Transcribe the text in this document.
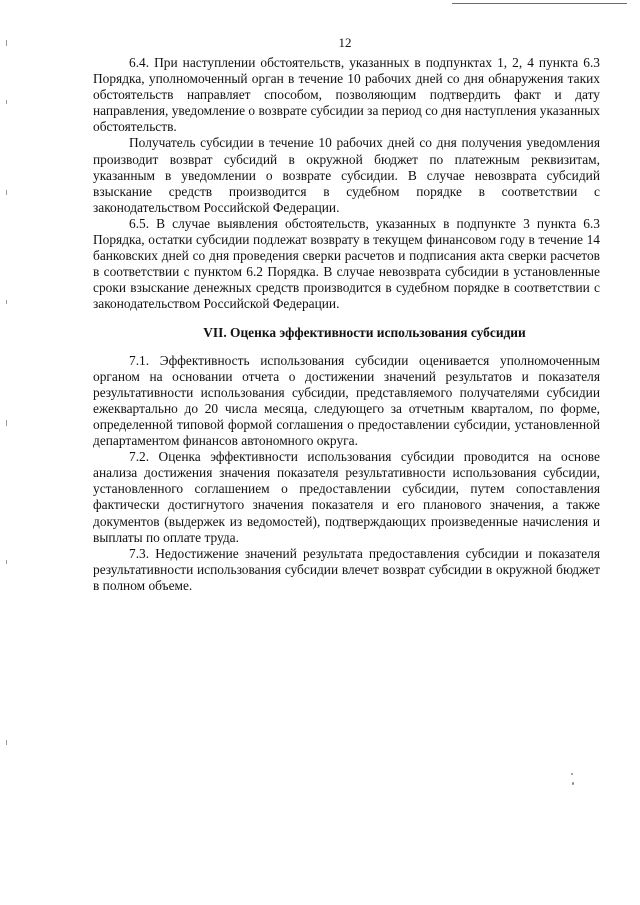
12

6.4. При наступлении обстоятельств, указанных в подпунктах 1, 2, 4 пункта 6.3 Порядка, уполномоченный орган в течение 10 рабочих дней со дня обнаружения таких обстоятельств направляет способом, позволяющим подтвердить факт и дату направления, уведомление о возврате субсидии за период со дня наступления указанных обстоятельств.

Получатель субсидии в течение 10 рабочих дней со дня получения уведомления производит возврат субсидий в окружной бюджет по платежным реквизитам, указанным в уведомлении о возврате субсидии. В случае невозврата субсидий взыскание средств производится в судебном порядке в соответствии с законодательством Российской Федерации.

6.5. В случае выявления обстоятельств, указанных в подпункте 3 пункта 6.3 Порядка, остатки субсидии подлежат возврату в текущем финансовом году в течение 14 банковских дней со дня проведения сверки расчетов и подписания акта сверки расчетов в соответствии с пунктом 6.2 Порядка. В случае невозврата субсидии в установленные сроки взыскание денежных средств производится в судебном порядке в соответствии с законодательством Российской Федерации.

VII. Оценка эффективности использования субсидии

7.1. Эффективность использования субсидии оценивается уполномоченным органом на основании отчета о достижении значений результатов и показателя результативности использования субсидии, представляемого получателями субсидии ежеквартально до 20 числа месяца, следующего за отчетным кварталом, по форме, определенной типовой формой соглашения о предоставлении субсидии, установленной департаментом финансов автономного округа.

7.2. Оценка эффективности использования субсидии проводится на основе анализа достижения значения показателя результативности использования субсидии, установленного соглашением о предоставлении субсидии, путем сопоставления фактически достигнутого значения показателя и его планового значения, а также документов (выдержек из ведомостей), подтверждающих произведенные начисления и выплаты по оплате труда.

7.3. Недостижение значений результата предоставления субсидии и показателя результативности использования субсидии влечет возврат субсидии в окружной бюджет в полном объеме.
